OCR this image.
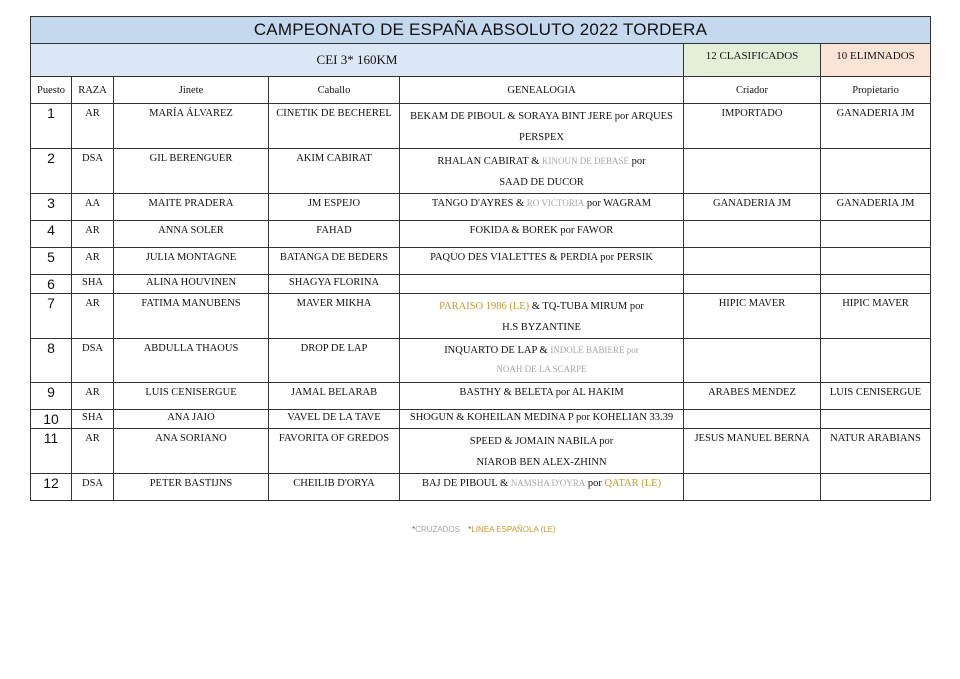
CAMPEONATO DE ESPAÑA ABSOLUTO 2022 TORDERA						
CEI 3* 160KM					12 CLASIFICADOS	10 ELIMNADOS
Puesto	RAZA	Jinete	Caballo	GENEALOGIA	Criador	Propietario
1	AR	MARÍA ÁLVAREZ	CINETIK DE BECHEREL	BEKAM DE PIBOUL & SORAYA BINT JERE por ARQUES
PERSPEX	IMPORTADO	GANADERIA JM
2	DSA	GIL BERENGUER	AKIM CABIRAT	RHALAN CABIRAT & KINOUN DE DEBASE por
SAAD DE DUCOR		
3	AA	MAITE PRADERA	JM ESPEJO	TANGO D'AYRES & RO VICTORIA por WAGRAM	GANADERIA JM	GANADERIA JM
4	AR	ANNA SOLER	FAHAD	FOKIDA & BOREK por FAWOR		
5	AR	JULIA MONTAGNE	BATANGA DE BEDERS	PAQUO DES VIALETTES & PERDIA por PERSIK		
6	SHA	ALINA HOUVINEN	SHAGYA FLORINA			
7	AR	FATIMA MANUBENS	MAVER MIKHA	PARAISO 1986 (LE) & TQ-TUBA MIRUM por
H.S BYZANTINE	HIPIC MAVER	HIPIC MAVER
8	DSA	ABDULLA THAOUS	DROP DE LAP	INQUARTO DE LAP & INDOLE BABIERE por
NOAH DE LA SCARPE		
9	AR	LUIS CENISERGUE	JAMAL BELARAB	BASTHY & BELETA por AL HAKIM	ARABES MENDEZ	LUIS CENISERGUE
10	SHA	ANA JAIO	VAVEL DE LA TAVE	SHOGUN & KOHEILAN MEDINA P por KOHELIAN 33.39		
11	AR	ANA SORIANO	FAVORITA OF GREDOS	SPEED & JOMAIN NABILA por
NIAROB BEN ALEX-ZHINN	JESUS MANUEL BERNA	NATUR ARABIANS
12	DSA	PETER BASTIJNS	CHEILIB D'ORYA	BAJ DE PIBOUL & NAMSHA D'OYRA por QATAR (LE)		
*CRUZADOS *LINEA ESPAÑOLA (LE)
